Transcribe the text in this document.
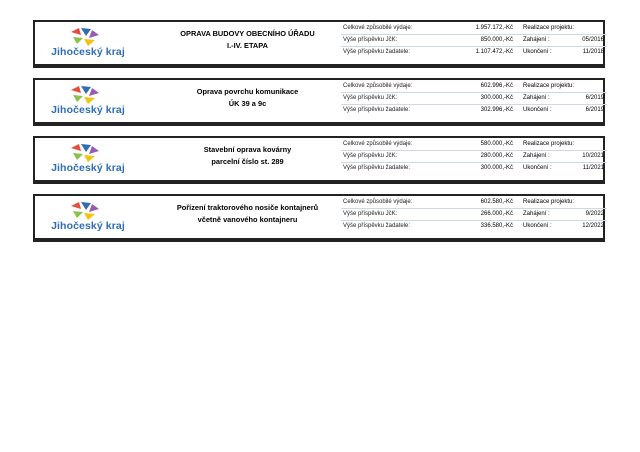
Jihočeský kraj
OPRAVA BUDOVY OBECNÍHO ÚŘADU
I.-IV. ETAPA
Celkové způsobilé výdaje:	1.957.172,-Kč Realizace projektu:
Výše příspěvku JčK:	850.000,-Kč Zahájení :	05/2016
Výše příspěvku žadatele:	1.107.472,-Kč Ukončení :	11/2018
Jihočeský kraj
Oprava povrchu komunikace
ÚK 39 a 9c
Celkové způsobilé výdaje:	602.996,-Kč Realizace projektu:
Výše příspěvku JčK:	300.000,-Kč Zahájení :	6/2019
Výše příspěvku žadatele:	302.996,-Kč Ukončení :	6/2019
Jihočeský kraj
Stavební oprava kovárny
parcelní číslo st. 289
Celkové způsobilé výdaje:	580.000,-Kč Realizace projektu:
Výše příspěvku JčK:	280.000,-Kč Zahájení :	10/2021
Výše příspěvku žadatele:	300.000,-Kč Ukončení :	11/2021
Jihočeský kraj
Pořízení traktorového nosiče kontajnerů
včetně vanového kontajneru
Celkové způsobilé výdaje:	602.580,-Kč Realizace projektu:
Výše příspěvku JčK:	266.000,-Kč Zahájení :	9/2022
Výše příspěvku žadatele:	336.580,-Kč Ukončení :	12/2022
